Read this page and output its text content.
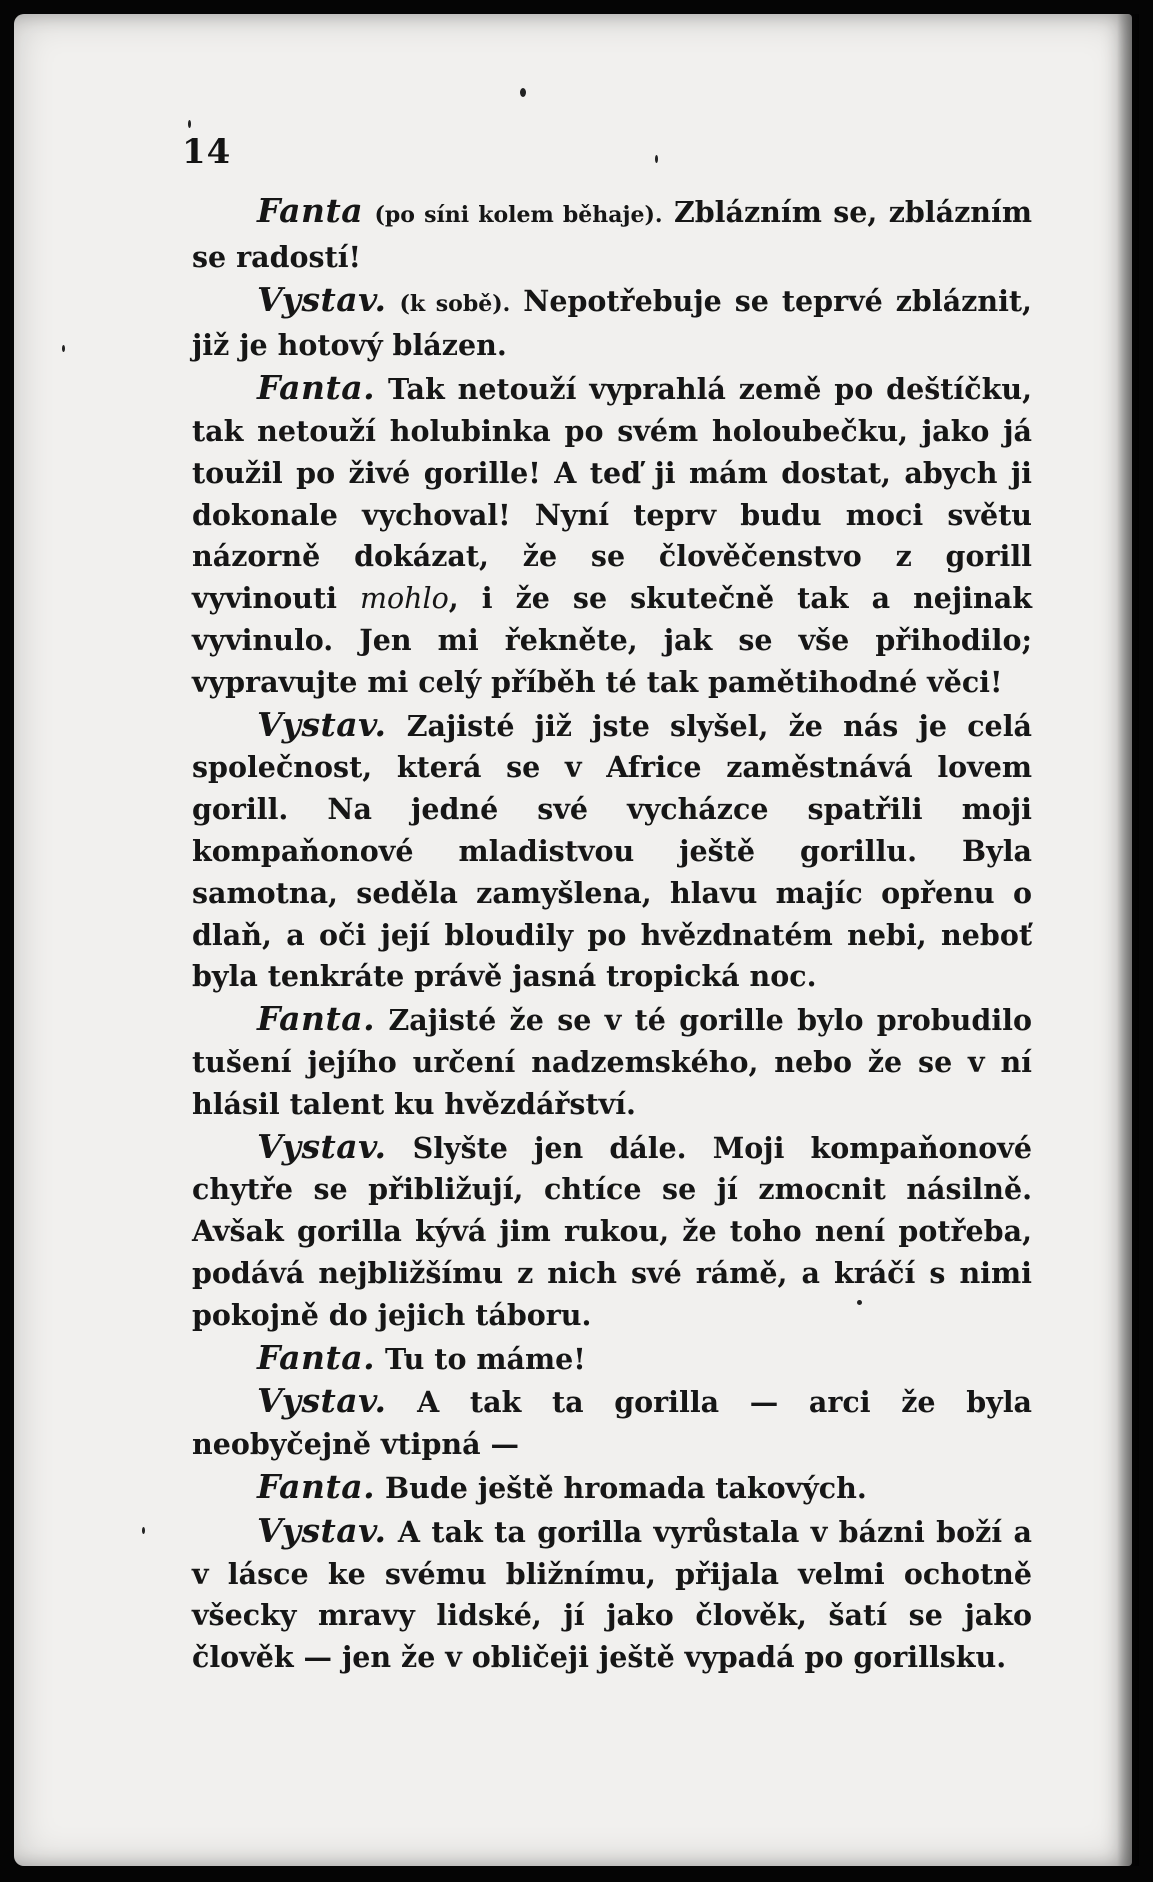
14

Fanta (po síni kolem běhaje). Zblázním se, zblázním se radostí!

Vystav. (k sobě). Nepotřebuje se teprvé zbláznit, již je hotový blázen.

Fanta. Tak netouží vyprahlá země po deštíčku, tak netouží holubinka po svém holoubečku, jako já toužil po živé gorille! A teď ji mám dostat, abych ji dokonale vychoval! Nyní teprv budu moci světu názorně dokázat, že se člověčenstvo z gorill vyvinouti mohlo, i že se skutečně tak a nejinak vyvinulo. Jen mi řekněte, jak se vše přihodilo; vypravujte mi celý příběh té tak pamětihodné věci!

Vystav. Zajisté již jste slyšel, že nás je celá společnost, která se v Africe zaměstnává lovem gorill. Na jedné své vycházce spatřili moji kompaňonové mladistvou ještě gorillu. Byla samotna, seděla zamyšlena, hlavu majíc opřenu o dlaň, a oči její bloudily po hvězdnatém nebi, neboť byla tenkráte právě jasná tropická noc.

Fanta. Zajisté že se v té gorille bylo probudilo tušení jejího určení nadzemského, nebo že se v ní hlásil talent ku hvězdářství.

Vystav. Slyšte jen dále. Moji kompaňonové chytře se přibližují, chtíce se jí zmocnit násilně. Avšak gorilla kývá jim rukou, že toho není potřeba, podává nejbližšímu z nich své rámě, a kráčí s nimi pokojně do jejich táboru.

Fanta. Tu to máme!

Vystav. A tak ta gorilla — arci že byla neobyčejně vtipná —

Fanta. Bude ještě hromada takových.

Vystav. A tak ta gorilla vyrůstala v bázni boží a v lásce ke svému bližnímu, přijala velmi ochotně všecky mravy lidské, jí jako člověk, šatí se jako člověk — jen že v obličeji ještě vypadá po gorillsku.
